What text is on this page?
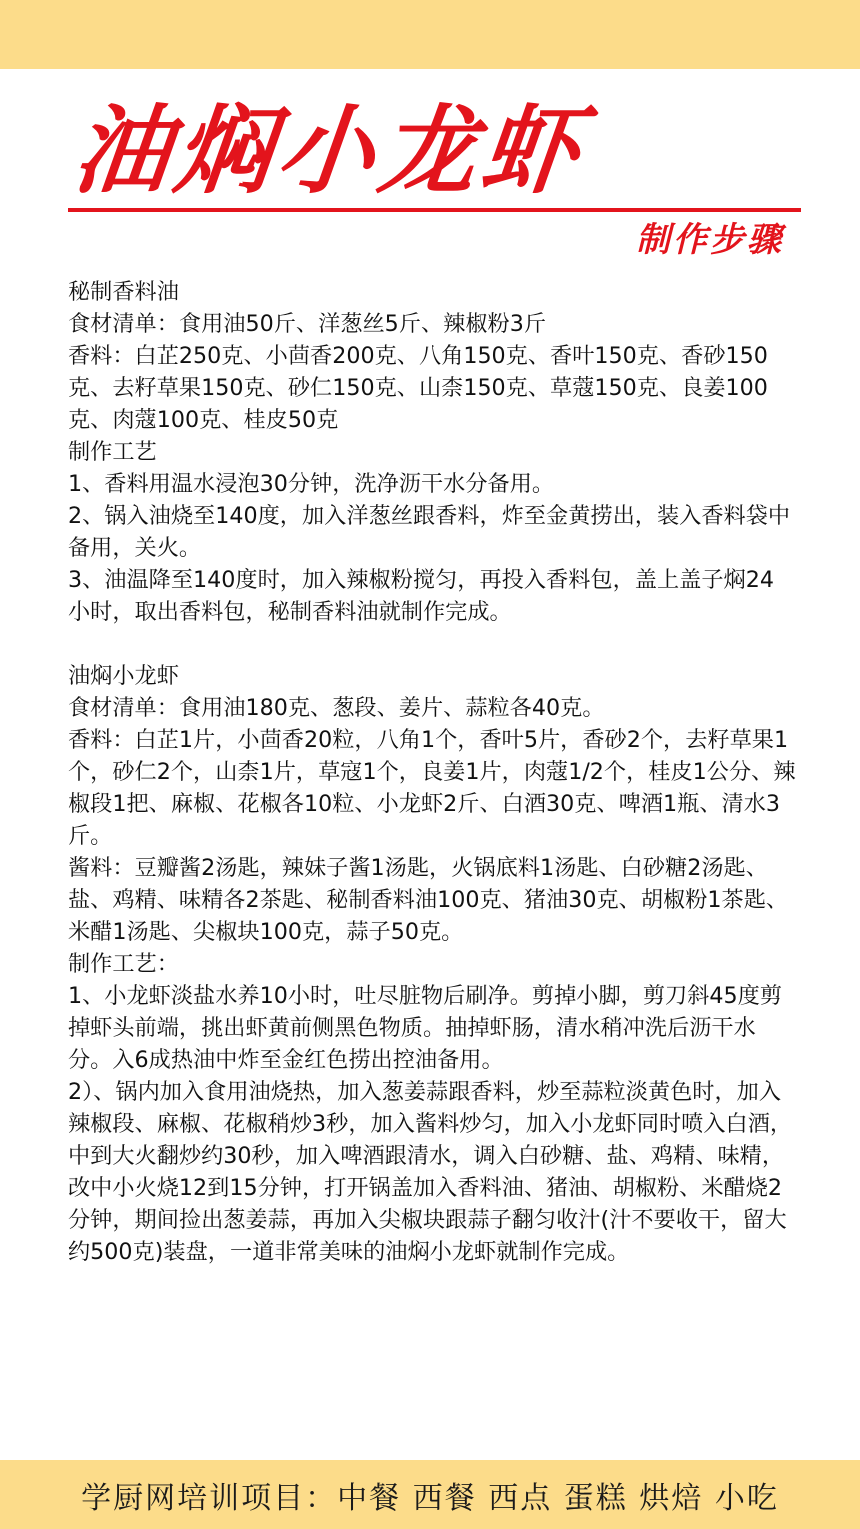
油焖小龙虾
制作步骤

秘制香料油

食材清单：食用油50斤、洋葱丝5斤、辣椒粉3斤

香料：白芷250克、小茴香200克、八角150克、香叶150克、香砂150克、去籽草果150克、砂仁150克、山柰150克、草蔻150克、良姜100克、肉蔻100克、桂皮50克

制作工艺

1、香料用温水浸泡30分钟，洗净沥干水分备用。

2、锅入油烧至140度，加入洋葱丝跟香料，炸至金黄捞出，装入香料袋中备用，关火。

3、油温降至140度时，加入辣椒粉搅匀，再投入香料包，盖上盖子焖24小时，取出香料包，秘制香料油就制作完成。

油焖小龙虾

食材清单：食用油180克、葱段、姜片、蒜粒各40克。

香料：白芷1片，小茴香20粒，八角1个，香叶5片，香砂2个，去籽草果1个，砂仁2个，山柰1片，草寇1个，良姜1片，肉蔻1/2个，桂皮1公分、辣椒段1把、麻椒、花椒各10粒、小龙虾2斤、白酒30克、啤酒1瓶、清水3斤。

酱料：豆瓣酱2汤匙，辣妹子酱1汤匙，火锅底料1汤匙、白砂糖2汤匙、盐、鸡精、味精各2茶匙、秘制香料油100克、猪油30克、胡椒粉1茶匙、米醋1汤匙、尖椒块100克，蒜子50克。

制作工艺：

1、小龙虾淡盐水养10小时，吐尽脏物后刷净。剪掉小脚，剪刀斜45度剪掉虾头前端，挑出虾黄前侧黑色物质。抽掉虾肠，清水稍冲洗后沥干水分。入6成热油中炸至金红色捞出控油备用。

2）、锅内加入食用油烧热，加入葱姜蒜跟香料，炒至蒜粒淡黄色时，加入辣椒段、麻椒、花椒稍炒3秒，加入酱料炒匀，加入小龙虾同时喷入白酒，中到大火翻炒约30秒，加入啤酒跟清水，调入白砂糖、盐、鸡精、味精，改中小火烧12到15分钟，打开锅盖加入香料油、猪油、胡椒粉、米醋烧2分钟，期间捡出葱姜蒜，再加入尖椒块跟蒜子翻匀收汁(汁不要收干，留大约500克)装盘，一道非常美味的油焖小龙虾就制作完成。

学厨网培训项目：中餐 西餐 西点 蛋糕 烘焙 小吃
